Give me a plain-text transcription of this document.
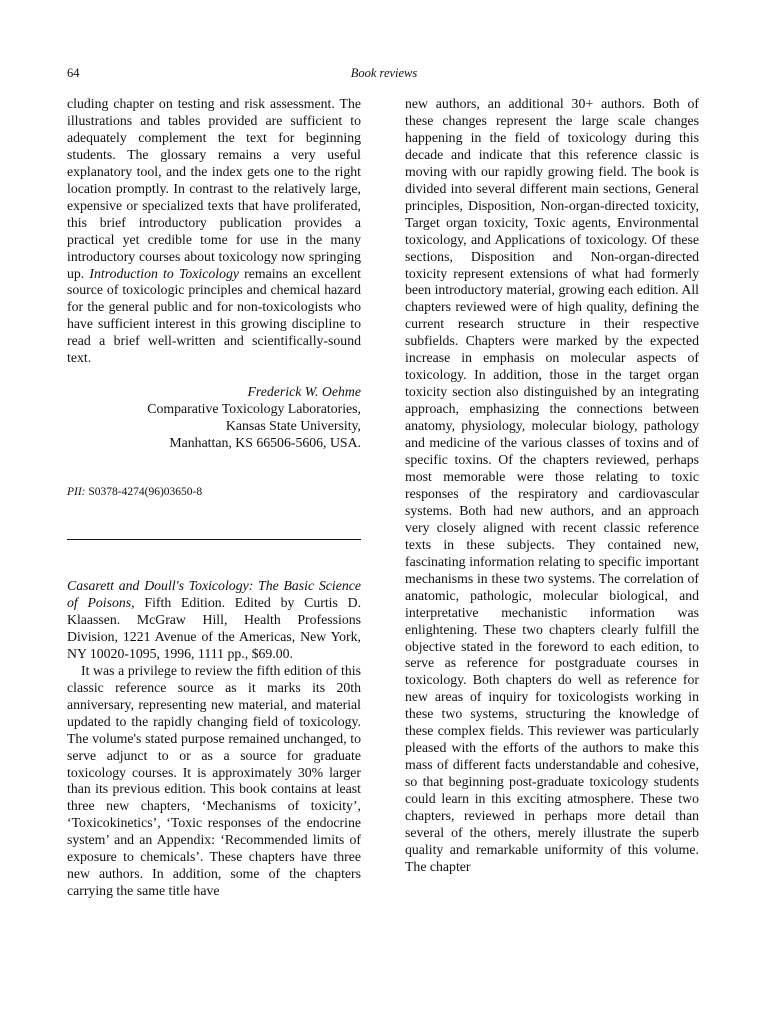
64	Book reviews

cluding chapter on testing and risk assessment. The illustrations and tables provided are sufficient to adequately complement the text for beginning students. The glossary remains a very useful explanatory tool, and the index gets one to the right location promptly. In contrast to the relatively large, expensive or specialized texts that have proliferated, this brief introductory publication provides a practical yet credible tome for use in the many introductory courses about toxicology now springing up. Introduction to Toxicology remains an excellent source of toxicologic principles and chemical hazard for the general public and for non-toxicologists who have sufficient interest in this growing discipline to read a brief well-written and scientifically-sound text.

Frederick W. Oehme
Comparative Toxicology Laboratories,
Kansas State University,
Manhattan, KS 66506-5606, USA.
PII: S0378-4274(96)03650-8

Casarett and Doull's Toxicology: The Basic Science of Poisons, Fifth Edition. Edited by Curtis D. Klaassen. McGraw Hill, Health Professions Division, 1221 Avenue of the Americas, New York, NY 10020-1095, 1996, 1111 pp., $69.00.

It was a privilege to review the fifth edition of this classic reference source as it marks its 20th anniversary, representing new material, and material updated to the rapidly changing field of toxicology. The volume's stated purpose remained unchanged, to serve adjunct to or as a source for graduate toxicology courses. It is approximately 30% larger than its previous edition. This book contains at least three new chapters, ‘Mechanisms of toxicity’, ‘Toxicokinetics’, ‘Toxic responses of the endocrine system’ and an Appendix: ‘Recommended limits of exposure to chemicals’. These chapters have three new authors. In addition, some of the chapters carrying the same title have

new authors, an additional 30+ authors. Both of these changes represent the large scale changes happening in the field of toxicology during this decade and indicate that this reference classic is moving with our rapidly growing field. The book is divided into several different main sections, General principles, Disposition, Non-organ-directed toxicity, Target organ toxicity, Toxic agents, Environmental toxicology, and Applications of toxicology. Of these sections, Disposition and Non-organ-directed toxicity represent extensions of what had formerly been introductory material, growing each edition. All chapters reviewed were of high quality, defining the current research structure in their respective subfields. Chapters were marked by the expected increase in emphasis on molecular aspects of toxicology. In addition, those in the target organ toxicity section also distinguished by an integrating approach, emphasizing the connections between anatomy, physiology, molecular biology, pathology and medicine of the various classes of toxins and of specific toxins. Of the chapters reviewed, perhaps most memorable were those relating to toxic responses of the respiratory and cardiovascular systems. Both had new authors, and an approach very closely aligned with recent classic reference texts in these subjects. They contained new, fascinating information relating to specific important mechanisms in these two systems. The correlation of anatomic, pathologic, molecular biological, and interpretative mechanistic information was enlightening. These two chapters clearly fulfill the objective stated in the foreword to each edition, to serve as reference for postgraduate courses in toxicology. Both chapters do well as reference for new areas of inquiry for toxicologists working in these two systems, structuring the knowledge of these complex fields. This reviewer was particularly pleased with the efforts of the authors to make this mass of different facts understandable and cohesive, so that beginning post-graduate toxicology students could learn in this exciting atmosphere. These two chapters, reviewed in perhaps more detail than several of the others, merely illustrate the superb quality and remarkable uniformity of this volume. The chapter
